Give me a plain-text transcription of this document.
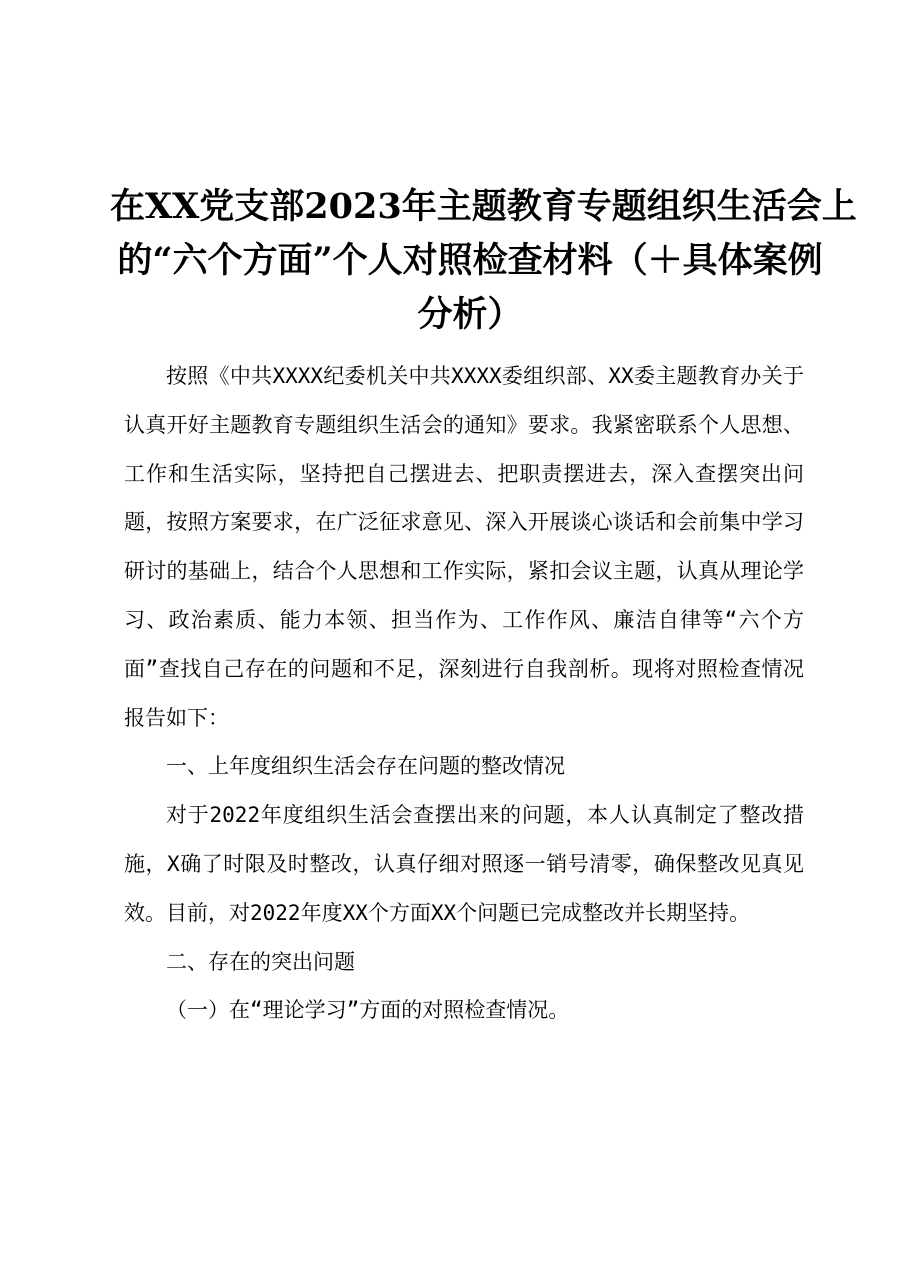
在XX党支部2023年主题教育专题组织生活会上
的“六个方面”个人对照检查材料（＋具体案例
分析）

按照《中共XXXX纪委机关中共XXXX委组织部、XX委主题教育办关于认真开好主题教育专题组织生活会的通知》要求。我紧密联系个人思想、工作和生活实际，坚持把自己摆进去、把职责摆进去，深入查摆突出问题，按照方案要求，在广泛征求意见、深入开展谈心谈话和会前集中学习研讨的基础上，结合个人思想和工作实际，紧扣会议主题，认真从理论学习、政治素质、能力本领、担当作为、工作作风、廉洁自律等“六个方面”查找自己存在的问题和不足，深刻进行自我剖析。现将对照检查情况报告如下：

一、上年度组织生活会存在问题的整改情况

对于2022年度组织生活会查摆出来的问题，本人认真制定了整改措施，X确了时限及时整改，认真仔细对照逐一销号清零，确保整改见真见效。目前，对2022年度XX个方面XX个问题已完成整改并长期坚持。

二、存在的突出问题

（一）在“理论学习”方面的对照检查情况。
